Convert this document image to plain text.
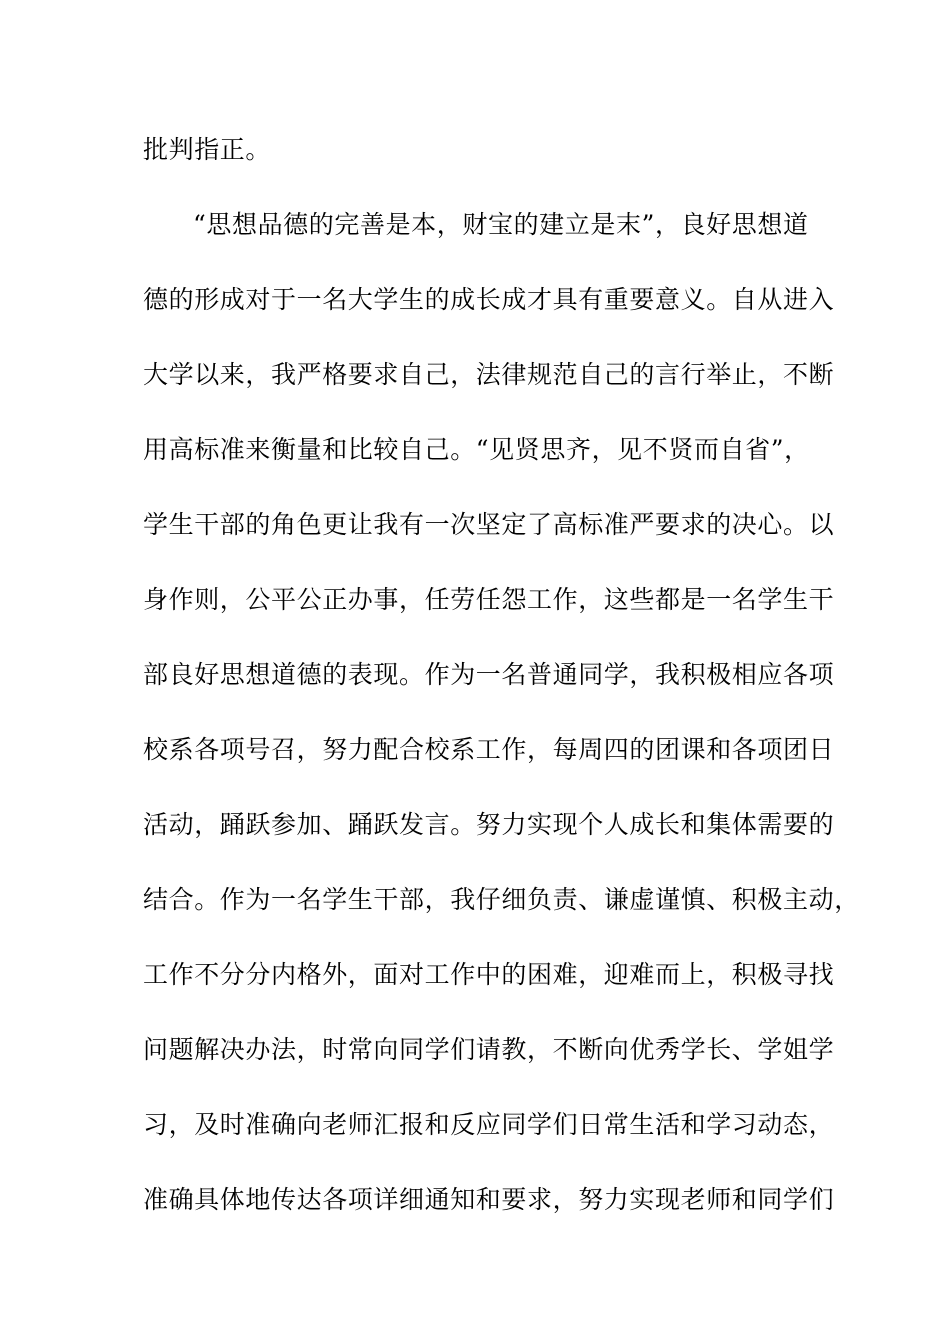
批判指正。
“思想品德的完善是本，财宝的建立是末”，良好思想道
德的形成对于一名大学生的成长成才具有重要意义。自从进入
大学以来，我严格要求自己，法律规范自己的言行举止，不断
用高标准来衡量和比较自己。“见贤思齐，见不贤而自省”，
学生干部的角色更让我有一次坚定了高标准严要求的决心。以
身作则，公平公正办事，任劳任怨工作，这些都是一名学生干
部良好思想道德的表现。作为一名普通同学，我积极相应各项
校系各项号召，努力配合校系工作，每周四的团课和各项团日
活动，踊跃参加、踊跃发言。努力实现个人成长和集体需要的
结合。作为一名学生干部，我仔细负责、谦虚谨慎、积极主动，
工作不分分内格外，面对工作中的困难，迎难而上，积极寻找
问题解决办法，时常向同学们请教，不断向优秀学长、学姐学
习，及时准确向老师汇报和反应同学们日常生活和学习动态，
准确具体地传达各项详细通知和要求，努力实现老师和同学们
